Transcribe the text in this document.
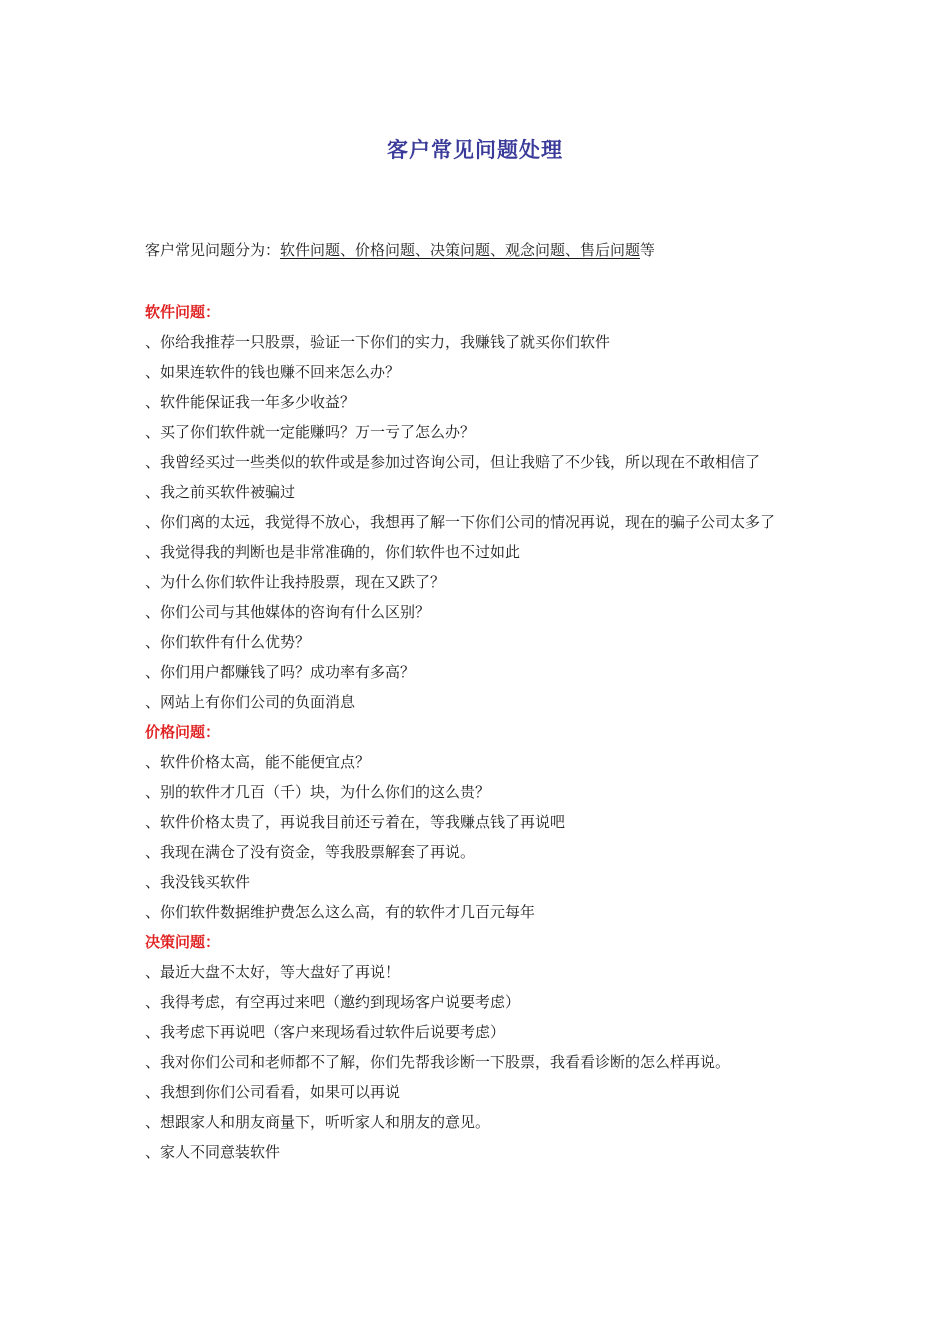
客户常见问题处理
客户常见问题分为：软件问题、价格问题、决策问题、观念问题、售后问题等
软件问题：
、你给我推荐一只股票，验证一下你们的实力，我赚钱了就买你们软件
、如果连软件的钱也赚不回来怎么办？
、软件能保证我一年多少收益？
、买了你们软件就一定能赚吗？万一亏了怎么办？
、我曾经买过一些类似的软件或是参加过咨询公司，但让我赔了不少钱，所以现在不敢相信了
、我之前买软件被骗过
、你们离的太远，我觉得不放心，我想再了解一下你们公司的情况再说，现在的骗子公司太多了
、我觉得我的判断也是非常准确的，你们软件也不过如此
、为什么你们软件让我持股票，现在又跌了？
、你们公司与其他媒体的咨询有什么区别？
、你们软件有什么优势？
、你们用户都赚钱了吗？成功率有多高？
、网站上有你们公司的负面消息
价格问题：
、软件价格太高，能不能便宜点？
、别的软件才几百（千）块，为什么你们的这么贵？
、软件价格太贵了，再说我目前还亏着在，等我赚点钱了再说吧
、我现在满仓了没有资金，等我股票解套了再说。
、我没钱买软件
、你们软件数据维护费怎么这么高，有的软件才几百元每年
决策问题：
、最近大盘不太好，等大盘好了再说！
、我得考虑，有空再过来吧（邀约到现场客户说要考虑）
、我考虑下再说吧（客户来现场看过软件后说要考虑）
、我对你们公司和老师都不了解，你们先帮我诊断一下股票，我看看诊断的怎么样再说。
、我想到你们公司看看，如果可以再说
、想跟家人和朋友商量下，听听家人和朋友的意见。
、家人不同意装软件
